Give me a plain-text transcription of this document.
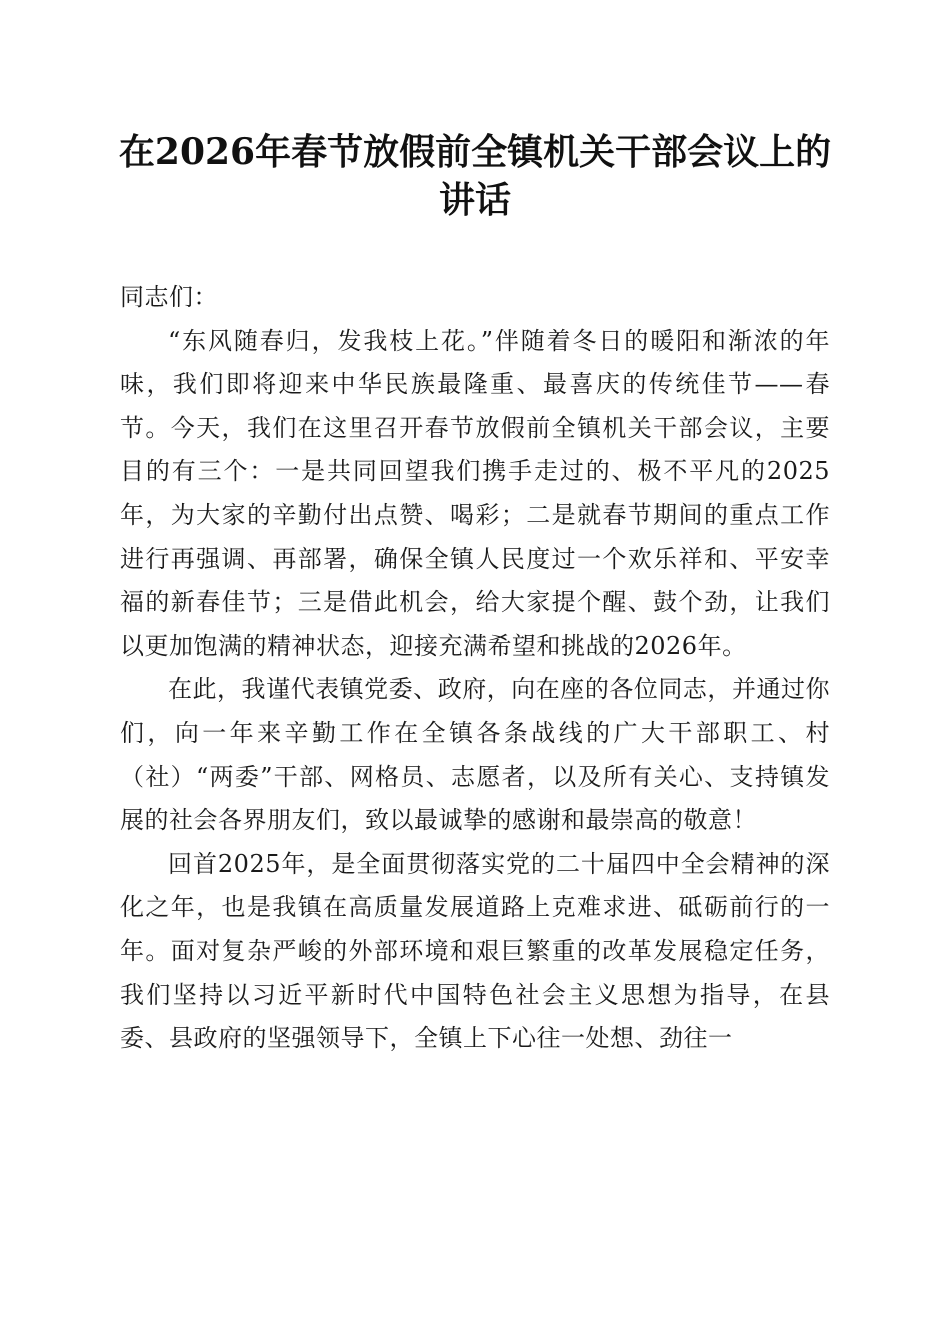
在2026年春节放假前全镇机关干部会议上的
讲话

同志们：

“东风随春归，发我枝上花。”伴随着冬日的暖阳和渐浓的年味，我们即将迎来中华民族最隆重、最喜庆的传统佳节——春节。今天，我们在这里召开春节放假前全镇机关干部会议，主要目的有三个：一是共同回望我们携手走过的、极不平凡的2025年，为大家的辛勤付出点赞、喝彩；二是就春节期间的重点工作进行再强调、再部署，确保全镇人民度过一个欢乐祥和、平安幸福的新春佳节；三是借此机会，给大家提个醒、鼓个劲，让我们以更加饱满的精神状态，迎接充满希望和挑战的2026年。

在此，我谨代表镇党委、政府，向在座的各位同志，并通过你们，向一年来辛勤工作在全镇各条战线的广大干部职工、村（社）“两委”干部、网格员、志愿者，以及所有关心、支持镇发展的社会各界朋友们，致以最诚挚的感谢和最崇高的敬意！

回首2025年，是全面贯彻落实党的二十届四中全会精神的深化之年，也是我镇在高质量发展道路上克难求进、砥砺前行的一年。面对复杂严峻的外部环境和艰巨繁重的改革发展稳定任务，我们坚持以习近平新时代中国特色社会主义思想为指导，在县委、县政府的坚强领导下，全镇上下心往一处想、劲往一
